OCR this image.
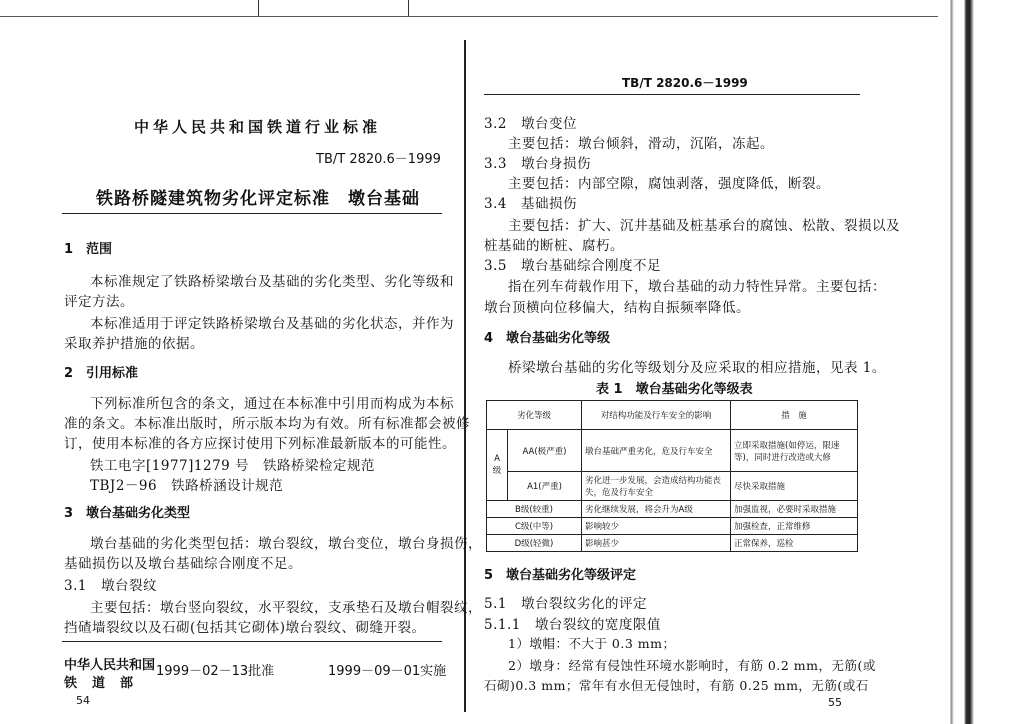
中华人民共和国铁道行业标准
TB/T 2820.6－1999
铁路桥隧建筑物劣化评定标准　墩台基础
1　范围
本标准规定了铁路桥梁墩台及基础的劣化类型、劣化等级和
评定方法。
本标准适用于评定铁路桥梁墩台及基础的劣化状态，并作为
采取养护措施的依据。
2　引用标准
下列标准所包含的条文，通过在本标准中引用而构成为本标
准的条文。本标准出版时，所示版本均为有效。所有标准都会被修
订，使用本标准的各方应探讨使用下列标准最新版本的可能性。
铁工电字[1977]1279 号　铁路桥梁检定规范
TBJ2－96　铁路桥涵设计规范
3　墩台基础劣化类型
墩台基础的劣化类型包括：墩台裂纹，墩台变位，墩台身损伤，
基础损伤以及墩台基础综合刚度不足。
3.1　墩台裂纹
主要包括：墩台竖向裂纹，水平裂纹，支承垫石及墩台帽裂纹，
挡碴墙裂纹以及石砌(包括其它砌体)墩台裂纹、砌缝开裂。
中华人民共和国
铁　道　部
1999－02－13批准	1999－09－01实施
54
TB/T 2820.6－1999
3.2　墩台变位
主要包括：墩台倾斜，滑动，沉陷，冻起。
3.3　墩台身损伤
主要包括：内部空隙，腐蚀剥落，强度降低，断裂。
3.4　基础损伤
主要包括：扩大、沉井基础及桩基承台的腐蚀、松散、裂损以及
桩基础的断桩、腐朽。
3.5　墩台基础综合刚度不足
指在列车荷载作用下，墩台基础的动力特性异常。主要包括：
墩台顶横向位移偏大，结构自振频率降低。
4　墩台基础劣化等级
桥梁墩台基础的劣化等级划分及应采取的相应措施，见表 1。
表 1　墩台基础劣化等级表
劣化等级		对结构功能及行车安全的影响	措　施
A
级	AA(极严重)	墩台基础严重劣化，危及行车安全	立即采取措施(如停运，限速等)，同时进行改造或大修
	A1(严重)	劣化进一步发展，会造成结构功能丧失，危及行车安全	尽快采取措施
B级(较重)		劣化继续发展，将会升为A级	加强监视，必要时采取措施
C级(中等)		影响较少	加强检查，正常维修
D级(轻微)		影响甚少	正常保养，巡检
5　墩台基础劣化等级评定
5.1　墩台裂纹劣化的评定
5.1.1　墩台裂纹的宽度限值
1）墩帽：不大于 0.3 mm；
2）墩身：经常有侵蚀性环境水影响时，有筋 0.2 mm，无筋(或
石砌)0.3 mm；常年有水但无侵蚀时，有筋 0.25 mm，无筋(或石
55
